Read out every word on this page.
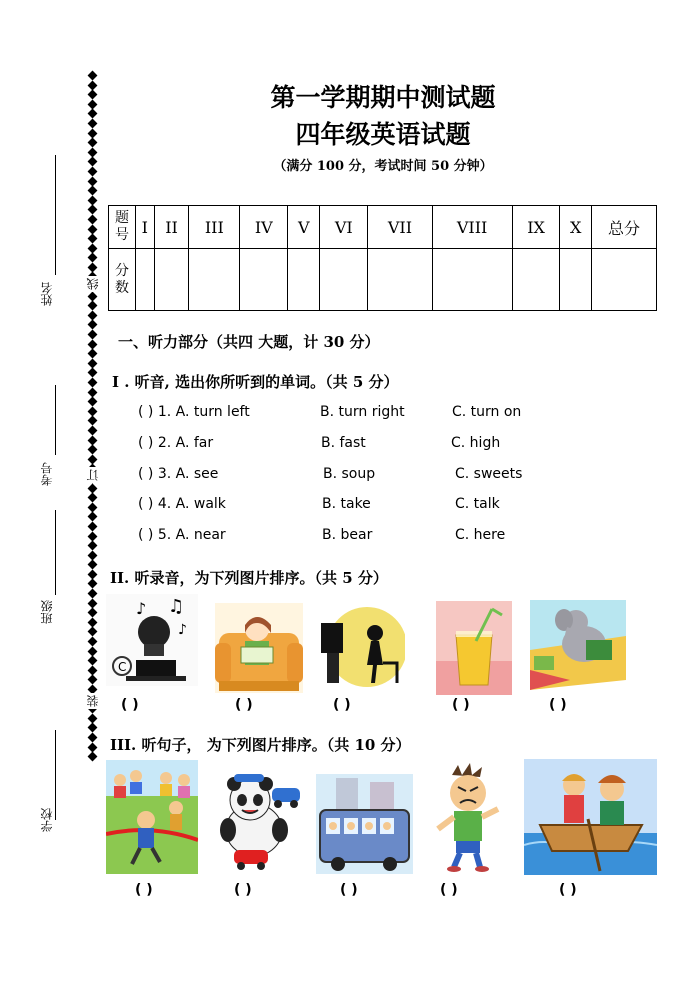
姓名
考号
班级
学校
线
订
装
第一学期期中测试题
四年级英语试题
（满分 100 分，考试时间 50 分钟）
题号	I	II	III	IV	V	VI	VII	VIII	IX	X	总分
分数											
一、听力部分（共四 大题，计 30 分）
I . 听音, 选出你所听到的单词。（共 5 分）
( ) 1. A. turn left	B. turn right	C. turn on
( ) 2. A. far	B. fast	C. high
( ) 3. A. see	B. soup	C. sweets
( ) 4. A. walk	B. take	C. talk
( ) 5. A. near	B. bear	C. here
II. 听录音，为下列图片排序。（共 5 分）
C
♪ ♫
♪
( )	( )	( )	( )	( )
III. 听句子， 为下列图片排序。（共 10 分）
( )	( )	( )	( )	( )
